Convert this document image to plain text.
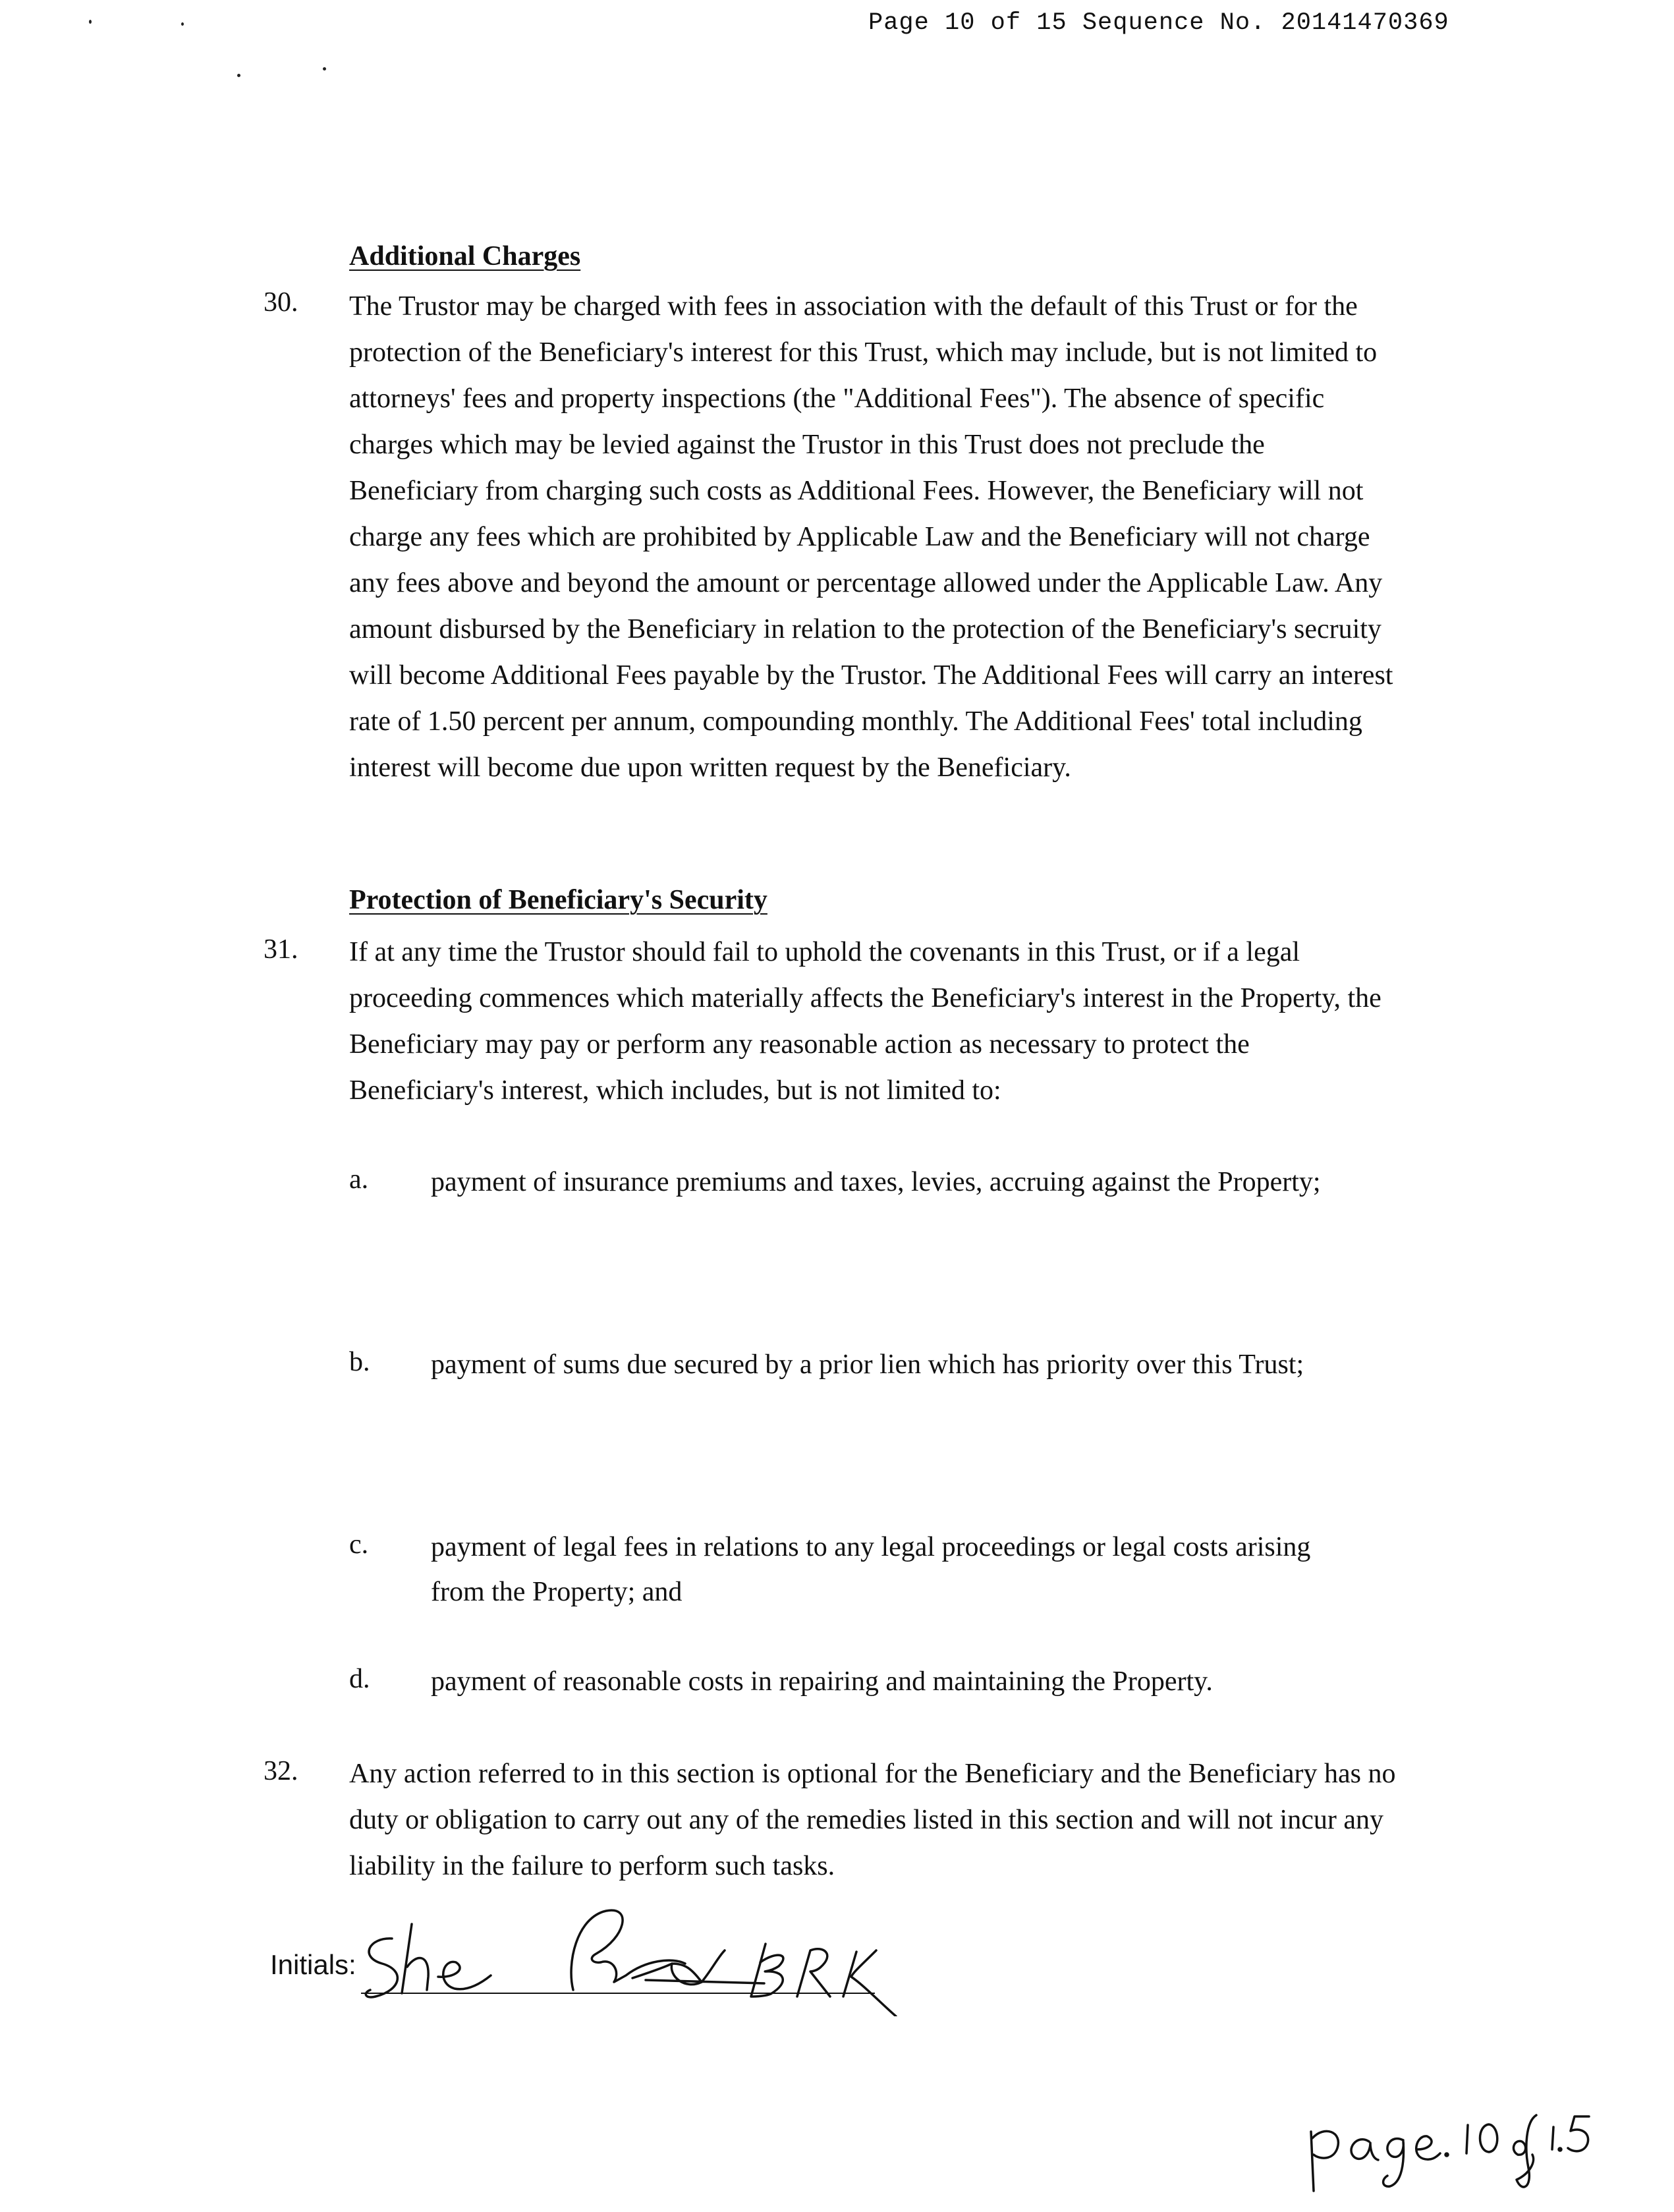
Page 10 of 15 Sequence No. 20141470369
Additional Charges
30. The Trustor may be charged with fees in association with the default of this Trust or for the protection of the Beneficiary's interest for this Trust, which may include, but is not limited to attorneys' fees and property inspections (the "Additional Fees"). The absence of specific charges which may be levied against the Trustor in this Trust does not preclude the Beneficiary from charging such costs as Additional Fees. However, the Beneficiary will not charge any fees which are prohibited by Applicable Law and the Beneficiary will not charge any fees above and beyond the amount or percentage allowed under the Applicable Law. Any amount disbursed by the Beneficiary in relation to the protection of the Beneficiary's secruity will become Additional Fees payable by the Trustor. The Additional Fees will carry an interest rate of 1.50 percent per annum, compounding monthly. The Additional Fees' total including interest will become due upon written request by the Beneficiary.
Protection of Beneficiary's Security
31. If at any time the Trustor should fail to uphold the covenants in this Trust, or if a legal proceeding commences which materially affects the Beneficiary's interest in the Property, the Beneficiary may pay or perform any reasonable action as necessary to protect the Beneficiary's interest, which includes, but is not limited to:
a. payment of insurance premiums and taxes, levies, accruing against the Property;
b. payment of sums due secured by a prior lien which has priority over this Trust;
c. payment of legal fees in relations to any legal proceedings or legal costs arising from the Property; and
d. payment of reasonable costs in repairing and maintaining the Property.
32. Any action referred to in this section is optional for the Beneficiary and the Beneficiary has no duty or obligation to carry out any of the remedies listed in this section and will not incur any liability in the failure to perform such tasks.
Initials:
